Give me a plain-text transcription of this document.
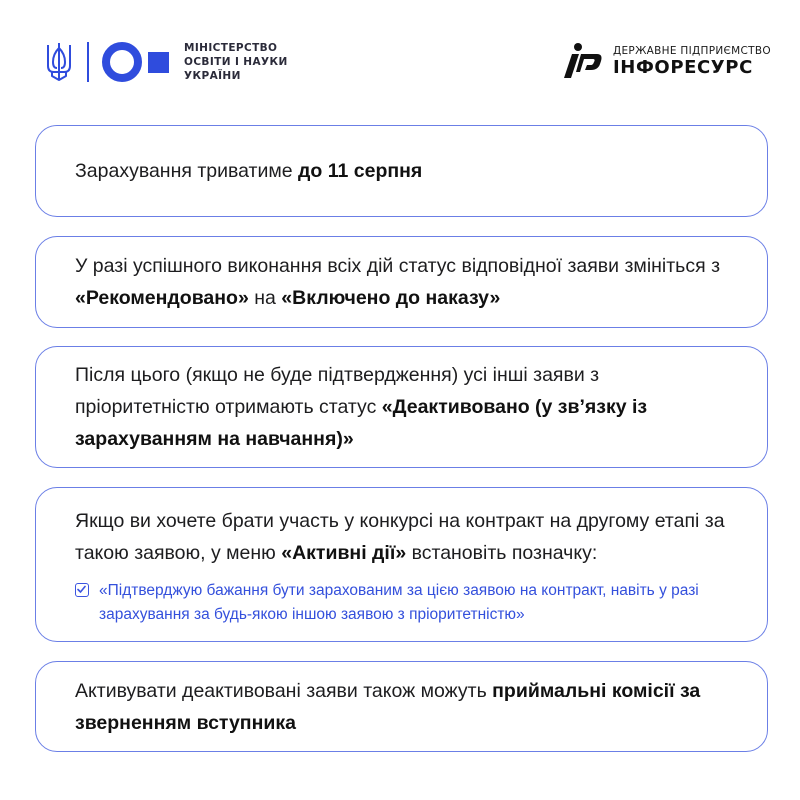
МІНІСТЕРСТВО
ОСВІТИ І НАУКИ
УКРАЇНИ
ДЕРЖАВНЕ ПІДПРИЄМСТВО
ІНФОРЕСУРС

Зарахування триватиме до 11 серпня

У разі успішного виконання всіх дій статус відповідної заяви змініться з «Рекомендовано» на «Включено до наказу»

Після цього (якщо не буде підтвердження) усі інші заяви з пріоритетністю отримають статус «Деактивовано (у зв’язку із зарахуванням на навчання)»

Якщо ви хочете брати участь у конкурсі на контракт на другому етапі за такою заявою, у меню «Активні дії» встановіть позначку:

«Підтверджую бажання бути зарахованим за цією заявою на контракт, навіть у разі зарахування за будь-якою іншою заявою з пріоритетністю»

Активувати деактивовані заяви також можуть приймальні комісії за зверненням вступника
